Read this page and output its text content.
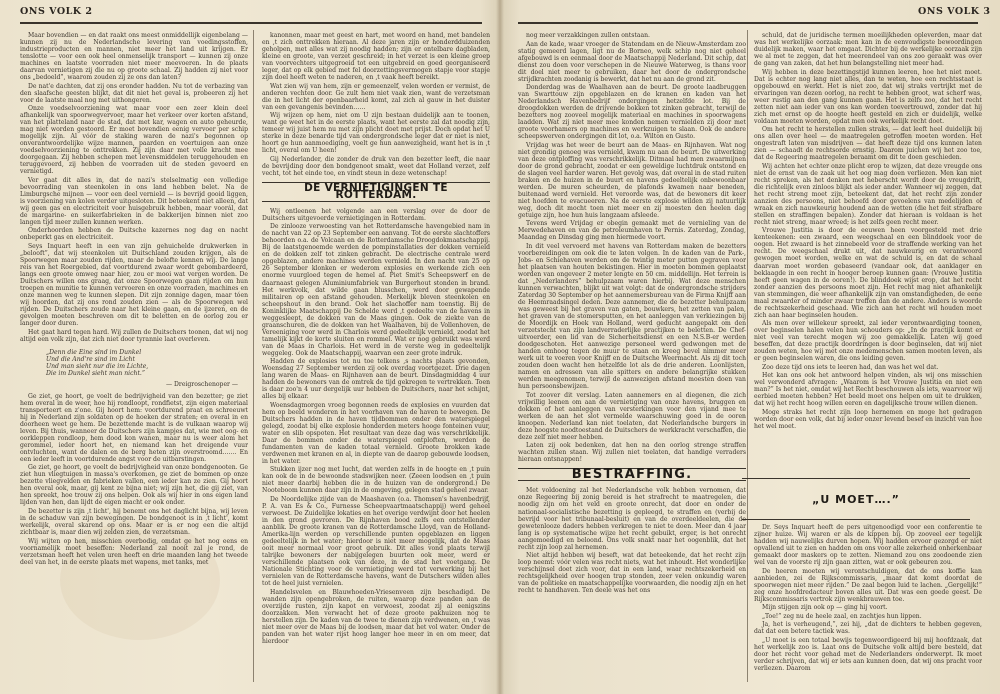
ONS VOLK 2	ONS VOLK 3

Maar bovendien — en dat raakt ons meest onmiddellijk eigenbelang — kunnen zij nu de Nederlandsche levering van voedingsstoffen, industrieproducten en mannen, niet meer het land uit krijgen. Er tenslotte — voor een ook heel onmenselijk transport — kunnen zij onze machines en laatste voorraden niet meer meevoeren. In de plaats daarvan vernietigen zij die nu op groote schaal. Zij hadden zij niet voor ons „bedoeld”, waarom zouden zij ze ons dan laten?

De nat'e dachten, dat zij ons eronder hadden. Nu tot de verbazing van den slaafsche geesten blijkt, dat dit niet het geval is, probeeren zij het voor de laatste maal nog met uithongeren.

Onze voedselvoorziening wat maar voor een zeer klein deel afhankelijk van spoorwegvervoer, maar het verkeer over korten afstand, van het platteland naar de stad, dat met kar, wagen en auto geheurde, mag niet worden gestoord. Er moet bovendien eenig vervoer per schip mogelijk zijn. Al vóór de staking waren de nazi's begonnen op onverantwoordelijke wijze mannen, paarden en voertuigen aan onze voedselvoorziening te onttrekken. Zij zijn daar met volle kracht mee doorgegaan. Zij hebben schepen met levensmiddelen teruggehouden en teruggevoerd, zij hebben de voorraden uit de steden gevoerd en vernietigd.

Ver gaat dit alles in, dat de nazi's stelselmatig een volledige bevoorrading van steenkolen in ons land hebben belet. Na de Limburgsche mijnen — voor een deel vernield — is bevrijd gooid liggen, is voorziening van kolen verder uitgesloten. Dit beteekent niet alleen, dat wij geen gas en electriciteit voor huisgebruik hebben, maar voorál, dat de margarine- en suikerfabrieken in de bakkerijen binnen niet zoo langen tijd meer zullen kunnen werken.

Onderhoorden hebben de Duitsche kazernes nog dag en nacht onbeperkt gas en electriciteit.

Seys Inquart heeft in een van zijn gehuichelde drukwerken in „belooft”, dat wij steenkolen uit Duitschland zouden krijgen, als de Spoorwegen maar zouden rijden, maar de belofte kennen wij. De lange reis van het Roergebied, dat voortdurend zwaar wordt gebombardeerd, langs een groote omweg naar hier, zou er mooi wat vergen worden. De Duitschers willen ons graag, dat onze Spoorwegen gaan rijden om hun troepen en munitie te kunnen vervoeren en onze voorraden, machines en onze mannen weg te kunnen slepen. Dit zijn zonnige dagen, maar tóen wij hoorden, dat zij ons rond zouden zien — als de Spoorwegen wel rijden. De Duitschers zoude naar het kleine gaan, en de ijzeren, en de gevolgen moeten beschreven om dit te beletten en de oorlog zou er langer door duren.

Het gaat hard tegen hard. Wij zullen de Duitschers toonen, dat wij nog altijd een volk zijn, dat zich niet door tyrannie laat overleven.

„Denn die Eine sind im Dunkel
Und die And're sind im Licht
Und man sieht nur die im Lichte,
Die im Dunkel sieht man nicht.”
— Dreigroschenoper —

Ge ziet, ge hoort, ge voelt de bedrijvigheid van den bezetter; ge ziet hem overal in de weer, hoe hij rondloopt, rondfietst, zijn eigen materiaal transporteert en z'one. Gij hoort hem: voortdurend praat en schreeuwt hij in Nederland zijn soldaten op de hoeken der straten; en overal in en doorheen weet ge hem. De bezettende macht is de vulkaan waarop wij leven. Bij thuis, wanneer de Duitschers zijn kampjes dat, wie met oog- en oorkleppen rondloop, hem dood kon wanen, maar nu is weer alom het gerommel, ieder hoort het, en niemand kan het dreigende vuur ontvluchten, want de dalen en de berg heten zijn overstroomd……. En een ieder leeft in voortdurende angst voor de uitbarstingen.

Ge ziet, ge hoort, ge voelt de bedrijvigheid van onze bondgenooten. Ge ziet hun vliegtuigen in massa's overkomen, ge ziet de bommen op onze bezette vliegvelden en fabrieken vallen, een ieder kan ze zien. Gij hoort hen overal ook, maar, gij kent ze bijna niet; wij zijn het, die gij ziet, van hen spreekt, hoe trouw zij ons helpen. Ook als wij hier in ons eigen land lijden van hen, dan lijdt de eigen macht er ook onder.

De bezetter is zijn ‚t licht', hij benemt ons het daglicht bijna, wij leven in de schaduw van zijn bewegingen. De bondgenoot is in ‚t licht', komt werkelijk, overal skarend op ons. Maar er is er nog een die altijd zichtbaar is, maar dien wij zelden zien, de verzetsman.

Wij wijten op hen, misschien overbodig, omdat ge het nog eens en voornamelijk moet beseffen: Nederland zal nooit zal je rond, de verzetsman heeft het velen uren heeft en drie maanden lang het tweede deel van het, in de eerste plaats met wapens, met tanks, met

kanonnen, maar met geest en hart, met woord en hand, met bandelen en ‚t zich onttrekken hieraan. Al deze jaren zijn er honderdduizenden geholpen, met alles wat zij noodig hadden; zijn er ontelbare dagbladen, kleine en groote, van verzet geschreid; in het verzet is een kleine groep van voorvechters uitgegroeid tot een uitgebreid en goed georganiseerd leger, dat op elk gebied met fel doorzettingsvermogen stapje voor stapje zijn doel heeft weten te naderen, en ‚t vaak heeft bereikt.

Wat zien wij van hem, zijn er gemeenzelf, velen worden er vermist, de anderen vechten door. Ge zult hem niet vaak zien, want de verzetsman die in het licht der openbaarheid komt, zal zich al gauw in het duister van een gevangenis bevinden……

Wij wijzen op hem, niet om U zijn bestaan duidelijk aan te toonen, want ge weet het in de eerste plaats, want het eerste zal dat noodig zijn, temeer wij juist hem nu met zijn plicht doet met prijst. Doch opdat het U sterke in deze benarde tijd van ondergrondsche leger dat er niet is niet, hoort ge hun aanmoediging, voelt ge hun aanwezigheid, want het is in ‚t licht, overal om U heen!

Gij Nederlander, die zonder de druk van den bezetter leeft, die naar de bevrijding door den bondgenoot smakt, weet dat Holland verzet, zelf vecht, tot het einde toe, en vindt steun in deze wetenschap!

DE VERNIETIGINGEN TE ROTTERDAM.

Wij ontleenen het volgende aan een verslag over de door de Duitschers uitgevoerde vernietigingen in Rotterdam.

De zinlooze verwoesting van het Rotterdamsche havengebied nam in de nacht van 22 op 23 September een aanvang. Tot de eerste slachtoffers behoorden o.a. de Volcaan en de Rotterdamsche Droogdokmaatschappij. Bij de laatstgenoemde werden de pompinstallaties der dokken vernield en de dokken zelf tot zinken gebracht. De electrische centrale werd opgeblazen, andere machines werden vernield. In den nacht van 25 op 26 September klonken er wederom explosies en werkende zich een enorme vuurgloed tegen de hemel af. Piet Smit's Scheepswerf en de daarnaast gelegen Aluminiumfabriek van Burgerhout stonden in brand. Het werkvolk, dat wilde gaan blusschen, werd door gewapende militairen op een afstand gehouden. Merkelijk bleven steenkolen en scheepshout in den brand. Ook het slachoffer nam toenstig. Bij de Koninklijke Maatschappij De Schelde werd ‚t gedeelte van de havens in weggesleept, de dokken van de Maas gingen. Ook de ziekte van de graanschuren, die de dokken van het Waalhaven, bij de Vollenhoven, de Vereeniging voor werd in Charlois werd gedeeltelijk vernield, zoodat het tamelijk kijkt de korte sluiten en rommel. Wat er nog gebruikt was werd van de Maas in Charlois. Het werd in de verste weg in gedeeltelijk weggeleg. Ook de Maatschappij, waarvan een zeer grote indruk.

Hadden de explosies tot nu toe telkens ‚s nachts plaats gevonden, Woensdag 27 September werden zij ook overdag voortgezet. Drie dagen lang waren de Maas- en Rijnhaven aan de beurt. Dinsdagmiddag 4 uur hadden de bewoners van de omtrek de tijd gekregen te vertrekken. Toen is daar zoo'n 4 uur dergelijk uur hebben de Duitschers, naar het schijnt, alles bij elkaar.

Woensdagmorgen vroeg begonnen reeds de explosies en vuurden dat hem op beeld wonderen in het voorhaven van de haven te bewegen. De Duitschers hadden in de haven tijdbommen onder den waterspiegel gelegd, zoodat bij elke explosie honderden meters hooge fonteinen vuur, water en slib opspoten. Het resultaat van deze dag was verschrikkelijk. Daar de bommen onder de waterspiegel ontploften, werden de fundamenten van de kaden totaal vernield. Groote brokken kade verdwenen met kranen en al, in diepte van de daarop gebouwde loodsen, in het water.

Stukken ijzer nog met lucht, dat werden zelfs in de hoogte en ‚t puin kan ook de in de bewoonde stadswijken neer. (Zeeen loodsen en ‚t puin niet meer daarbij hebben die in de huizen van de ondergrond.) De Nooteboom kunnen daar zijn in de omgeving, gelegen stad geheel zwaar.

De Noordelijke zijde van de Maashaven (o.a. Thomsen's havenbedrijf, P. A. van Es & Co., Furnesse Scheepvaartmaatschappij) werd geheel verwoest. De Zuidelijke lokaties en het overige verdwijnt door het heelen in den grond gevroren. De Rijnhaven bood zelfs een ontstellender aanblik. De groote kranen van de Rotterdamsche Lloyd, van de Holland-Amerika-lijn werden op verschillende punten opgeblazen en liggen gedeeltelijk in het water; hierdoor is niet meer mogelijk, dat de Maas ooit meer normaal voor groot gebruik. Dit alles vond plaats terwijl talrijke bewoners der nabijgelegen buurten ook meer, werd er verschillende plaatsen ook van deze, in de stad het voetgang. De Nationale Stichting voor de vernietiging werd tot verwerking bij het vernielen van de Rotterdamsche havens, want de Dutschers wilden alles tot de heel juist vernielen.

Handelsvelen en Blauwhoeden-Vriesenveen zijn beschadigd. De wanden zijn opengebroken, de ruiten, waarop deze panden aan de overzijde rusten, zijn kapot en verwoest, zoodat zij al eenigszins doorzakken. Men verwacht het of deze groote pakhuizen nog te herstellen zijn. De kaden van de twee te dienen zijn verdwenen, en ‚t was niet meer over de Maas bij de loodsen, maar dat het vol water. Onder de panden van het water rijst hoog langer hoe meer in en om meer, dat hierdoor

nog meer verzakkingen zullen ontstaan.

Aan de kade, waar vroeger de Statendam en de Nieuw-Amsterdam zoo statig gemeerd lagen, ligt nu de Borneo, welk schip nog niet geheel afgebouwd is en eenmaal door de Maatschappij Nederland. Dit schip, dat dienst zou doen voor verschepen in de Nieuwe Waterweg, is thans voor dit doel niet meer te gebruiken, daar het door de ondergrondsche strijdkrachten zoodanig is bewerkt, dat het nu aan de grond zit.

Donderdag was de Waalhaven aan de beurt. De groote laadbruggen van Swarttouw zijn opgeblazen en de kranen en kaden van het Nederlandsch Havenbedrijf ondergingen hetzelfde lot. Bij de droogdokken werden de drijvende bokken tot zinken gebracht, terwijl de bezetters nog zooveel mogelijk materiaal en machines in spoorwagens laadden. Wat zij niet meer mee konden nemen vernielden zij door met groote voorhamers op machines en werkzuigen te slaan. Ook de andere scheepswerven ondergingen dit lot, o.a. Wilton en Gusto.

Vrijdag was het weer de beurt aan de Maas- en Rijnhaven. Wat nog niet grondig genoeg was vernield, kwam nu aan de beurt. De uitwerking van deze ontploffing was verschrikkelijk. Ditmaal had men zwaarmijnen door de grond gebracht, zoodat er een geweldige luchtdruk ontstond en de slagen veel harder waren. Het gevolg was, dat overal in de stad ruiten braken en de huizen in de buurt en havens gedeeltelijk onbewoonbaar werden. De muren scheurden, de plafonds kwamen naar beneden, buitenaad werd vernield. Het veroorde was, dat de bewoners dit keer niet hoefden te evacueeren. Na de eerste explosie wilden zij natuurlijk weg, doch dit mocht toen niet meer en zij moesten den heelen dag getuige zijn, hoe hun huis langzaam afsleede.

Tevens werd Vrijdag er obegin gemaakt met de vernieling van de Merwedehaven en van de petroleumhaven te Pernis. Zaterdag, Zondag, Maandag en Dinsdag ging men hiermede voort.

In dit veel vervoerd met havens van Rotterdam maken de bezetters voorbereidingen om ook die te laten volgen. In de kaden van de Park-, Jobs- en Schiehaven werden om de twintig meter putten gegraven voor het plaatsen van houten bekistingen. Hier in moeten bommen geplaatst worden van ongeveer 2 meter lengte en 50 cm. middellijn. Het terrein is dat „Nederlanders” behulpzaam waren hierbij. Wat deze menschen kunnen verwachten, blijkt uit wat volgt: dat de ondergrondsche strijders Zaterdag 30 September op het aannemersbureau van de Firma Knijff aan de Heemraadsingel deden. Deze aannemer, die de bezetter behulpzaam was geweest bij het graven van gaten, bouwkers, het zetten van palen, het graven van de stomersputten, en het aanleggen van verkiezingen bij de Moordijk en Hoek van Holland, werd geducht aangepakt om den verzetstecht van zijn landverraderlijke practijken te beletten. De Chef-uitvoerder, een lid van de Sicherheitsdienst en een N.S.B-er werden doodgeschoten. Het aanwezige personeel werd gedwongen met de handen omhoog tegen de muur te staan en kreeg bevel nimmer meer werk uit te voeren voor Knijff en de Duitsche Weermacht. Als zij dit toch zouden doen wacht hen hetzelfde lot als de drie anderen. Loonlijsten, namen en adressen van alle spitters en andere belangrijke stukken werden meegenomen, terwijl de aanwezigen afstand moesten doen van hun persoonsbewijzen.

Tot zoover dit verslag. Laten aannemers en al diegenen, die zich vrijwillig leenen om aan de vernietiging van onze havens, bruggen en dokken of het aanleggen van versterkingen voor den vijand mee te werken de aan het slot vermelde waarschuwing goed in de ooren knoopen. Nederland kan niet toelaten, dat Nederlandsche burgers in deze hoogste noodtoestand de Duitschers de werkkracht verschaffen, die deze zelf niet meer hebben.

Laten zij ook bedenken, dat hen na den oorlog strenge straffen wachten zullen staan. Wij zullen niet toelaten, dat handige verraders hieraan ontsnappen!

BESTRAFFING.

Met voldoening zal het Nederlandsche volk hebben vernomen, dat onze Regeering bij zonig bereid is het strafrecht te maatregelen, die noodig zijn om het veld en groote onrecht, dat door en onder de nationaal-socialistische bezetting is gepleegd, te straffen en (verbij de bevrijd voor het tribunaal-besluit) en van de overdeeldeelen, die de gewetenlooze daders hebben verkregen te niet te doen. Meer dan 4 jaar lang is op systematische wijze het recht gebuikt, erger, is het onrecht aangemoedigd en beloond. Ons volk snakt naar het oogenblik, dat het recht zijn loop zal hernemen.

Niet altijd hebben wij beseft, wat dat beteekende, dat het recht zijn loop neemt: vóór velen was recht niets, wat het inhoudt. Het wonderlijke verschijnsel doet zich voor, dat in een land, waar rechtszekerheid en rechtsgelijkheid over hoogen trap stonden, zeer velen onkundig waren van de politieke en maatschappelijke voorwaarden, die noodig zijn en het recht te handhaven. Ten deele was het ons

schuld, dat de juridische termen moeilijkheden opleverden, maar dat was het werkelijke oorzaak: men kan in de eenvoudigste bewoordingen duidelijk maken, waar het omgaat. Dichter bij de werkelijke oorzaak zijn we al met te zeggen, dat het meerendeel van ons zoo geraakt was over de gang van zaken, dat het hun belangstelling niet meer had.

Wij hebben in deze bezettingstijd kunnen leeren, hoe het niet moet. Dat is echter nog lang niet alles, dan te weten, hoe een rechtsstaat is opgebouwd en werkt. Het is niet zoo, dat wij straks vertrijkt met de ervaringen van dezen oorlog, na recht te hebben groot, wat scherf was, weer rustig aan den gang kunnen gaan. Het is zelfs zoo, dat het recht zetten niet aan ieder van ons kan worden toevertrouwd, zonder dat hij zich met ernst op de hoogte heeft gesteld en zich er duidelijk, welke voldaan moeten worden, opdat men ook werkelijk recht doet.

Om het recht te herstellen zullen straks, — dat leeft heel duidelijk bij ons allen over heel — de maatregelen getroffen moeten worden. Het ongestraft laten van misdrijven — dat heeft deze tijd ons kunnen laten zien — schaadt de rechtsorde ernstig. Daarom juichen wij het zoo toe, dat de Regeering maatregelen beraamt om dit te doen geschieden.

Wij achten het echter onze plicht erop te wijzen, dat deze vreugde ons niet de ernst van de zaak uit het oog mag doen verliezen. Men kan niet recht spreken, als het denken met heberscht wordt door de vreugdrift, die richtelijk even zinloos blijkt als ieder ander. Wanneer wij zeggen, dat het recht streng moet zijn, beteekent dat, dat het recht zijn zonder aanzien des persoons, niet behoefd door gevoelens van medelijden of wraak en zich nauwkeurig houdend aan de wetten (die het feit strafbare stellen en straffingen bepalen). Zonder dat hieraan is voldaan is het recht niet streng, maar wreed; is het zelfs geen recht meer.

Vrouwe Justitia is door de eeuwen heen voorgesteld met drie kenteekenen: een zwaard, een weegschaal en een blinddoek voor de oogen. Het zwaard is het zinnebeeld voor de straffende werking van het recht. De weegschaal drukt uit, dat nauwkeurig en verantwoord gewogen moet worden, welke en wat de schuld is, en dat de schaal daarvan moet worden gebaseerd (vandaar ook, dat aanklager en beklaagde in een recht in hooger beroep kunnen gaan: (Vrouwe Justitia heeft geen wagen in de ooren!). De blinddoek wijst erop, dat het recht zonder aanzien des persoons moet zijn. Het recht mag niet afhankelijk van stemmingen, die weer afhankelijk zijn van omstandigheden, de eene maal zwaarder of minder zwaar treffen dan de andere. Anders is woorde de rechtszekerheid geschaad. Wie zich aan het recht wil houden moet zich aan haar beginselen houden.

Als men over willekeur spreekt, zal ieder verontwaardiging toonen, over beginselen halen velen hun schouders op: „In de practijk komt er niet veel van terecht mogen wij zoo gemakkelijk. Laten wij goed beseffen, dat deze practijk doordringen is door beginselen, dat wij niet zouden weten, hoe wij met onze medemenschen samen moeten leven, als er geen beginselen waren, die ons leiding geven.

Zoo deze tijd ons iets te leeren had, dan was het wel dat.

Het kan ons ook het antwoord helpen vinden, als wij ons misschien wel verwonderd afvragen: „Waarom is het Vrouwe Justitia en niet een man?” Is het niet, omdat wij het Recht beschouwen als iets, waarvoor wij eerbied moeten hebben? Het beeld moet ons helpen om uit te drukken, dat wij het recht hoog willen eeren en dagelijksche trouw willen dienen.

Moge straks het recht zijn loop hernemen en moge het gedragen worden door een volk, dat bij ieder onzer levend besef en inzicht van hoe het wel moet.

„U MOET….”

Dr. Seys Inquart heeft de pers uitgenoodigd voor een conferentie te zijner huize. Wij waren er als de kippen bij. Op zooveel eer tegelijk hadden wij nauwelijks durven hopen. Wij hadden ervoor gezorgd er niet opvallend uit te zien en hadden om ons voor alle zekerheid onherkenbaar gemaakt door maskers op te zetten. Niemand zou ons zoodoende zien wel van de voorste rij zijn gaan zitten, wat er ook gebeuren zou.

De heeren moeten wij verontschuldigen, dat de ons koffie kan aanbieden, zei de Rijkscommissaris, „maar dat komt doordat de spoorwegen niet meer rijden.” De zaal begon luid te lachen. „Gergelijk!” zeg onze hoofdredacteur boven alles uit. Dat was een goede geest. De Rijkscommissaris vertrok zijn wenkbrauwen toe.

Mijn stijgen zijn ook op — ging hij voort.

„Toe!” zeg nu de heele zaal, en zachtjes hun lippen.

Ja, het is verheugend,”, zei hij, „dat de dichters te hebben gegeven, dat dat een betere tactiek was.

„U moet is een totaal bewijs tegenwoordigeerd bij mij hoofdzaak, dat het werkelijk zoo is. Laat ons de Duitsche volk altijd bere besteld, dat door het recht voor gehad met de Nederlanders onderwerpt. Ik moet verder schrijven, dat wij er iets aan kunnen doen, dat wij ons pracht voor verliezen. Daarom
